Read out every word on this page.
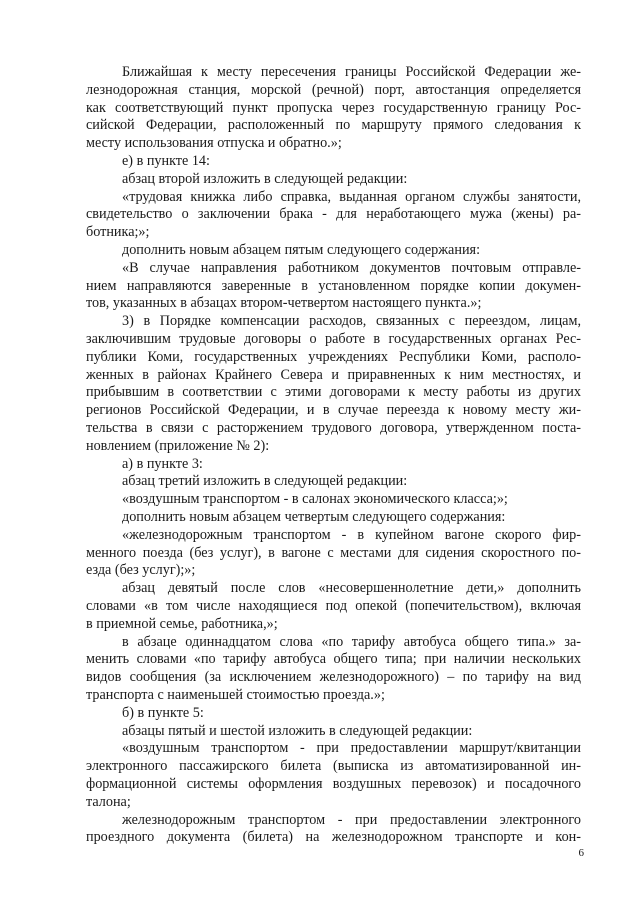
Ближайшая к месту пересечения границы Российской Федерации же-
лезнодорожная станция, морской (речной) порт, автостанция определяется
как соответствующий пункт пропуска через государственную границу Рос-
сийской Федерации, расположенный по маршруту прямого следования к
месту использования отпуска и обратно.»;
е) в пункте 14:
абзац второй изложить в следующей редакции:
«трудовая книжка либо справка, выданная органом службы занятости,
свидетельство о заключении брака - для неработающего мужа (жены) ра-
ботника;»;
дополнить новым абзацем пятым следующего содержания:
«В случае направления работником документов почтовым отправле-
нием направляются заверенные в установленном порядке копии докумен-
тов, указанных в абзацах втором-четвертом настоящего пункта.»;
3) в Порядке компенсации расходов, связанных с переездом, лицам,
заключившим трудовые договоры о работе в государственных органах Рес-
публики Коми, государственных учреждениях Республики Коми, располо-
женных в районах Крайнего Севера и приравненных к ним местностях, и
прибывшим в соответствии с этими договорами к месту работы из других
регионов Российской Федерации, и в случае переезда к новому месту жи-
тельства в связи с расторжением трудового договора, утвержденном поста-
новлением (приложение № 2):
а) в пункте 3:
абзац третий изложить в следующей редакции:
«воздушным транспортом - в салонах экономического класса;»;
дополнить новым абзацем четвертым следующего содержания:
«железнодорожным транспортом - в купейном вагоне скорого фир-
менного поезда (без услуг), в вагоне с местами для сидения скоростного по-
езда (без услуг);»;
абзац девятый после слов «несовершеннолетние дети,» дополнить
словами «в том числе находящиеся под опекой (попечительством), включая
в приемной семье, работника,»;
в абзаце одиннадцатом слова «по тарифу автобуса общего типа.» за-
менить словами «по тарифу автобуса общего типа; при наличии нескольких
видов сообщения (за исключением железнодорожного) – по тарифу на вид
транспорта с наименьшей стоимостью проезда.»;
б) в пункте 5:
абзацы пятый и шестой изложить в следующей редакции:
«воздушным транспортом - при предоставлении маршрут/квитанции
электронного пассажирского билета (выписка из автоматизированной ин-
формационной системы оформления воздушных перевозок) и посадочного
талона;
железнодорожным транспортом - при предоставлении электронного
проездного документа (билета) на железнодорожном транспорте и кон-
6
